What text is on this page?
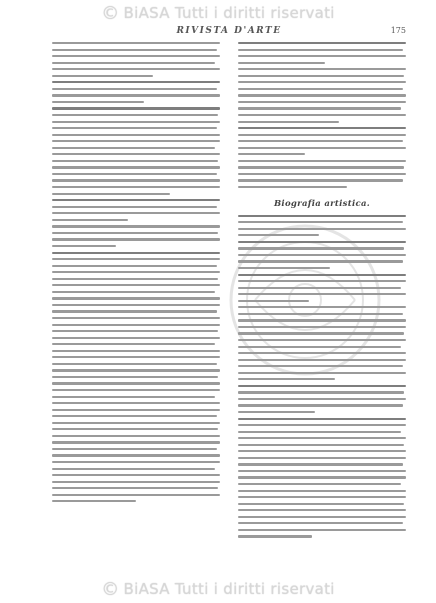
© BiASA Tutti i diritti riservati
RIVISTA D'ARTE	175
Biografia artistica.
© BiASA Tutti i diritti riservati
